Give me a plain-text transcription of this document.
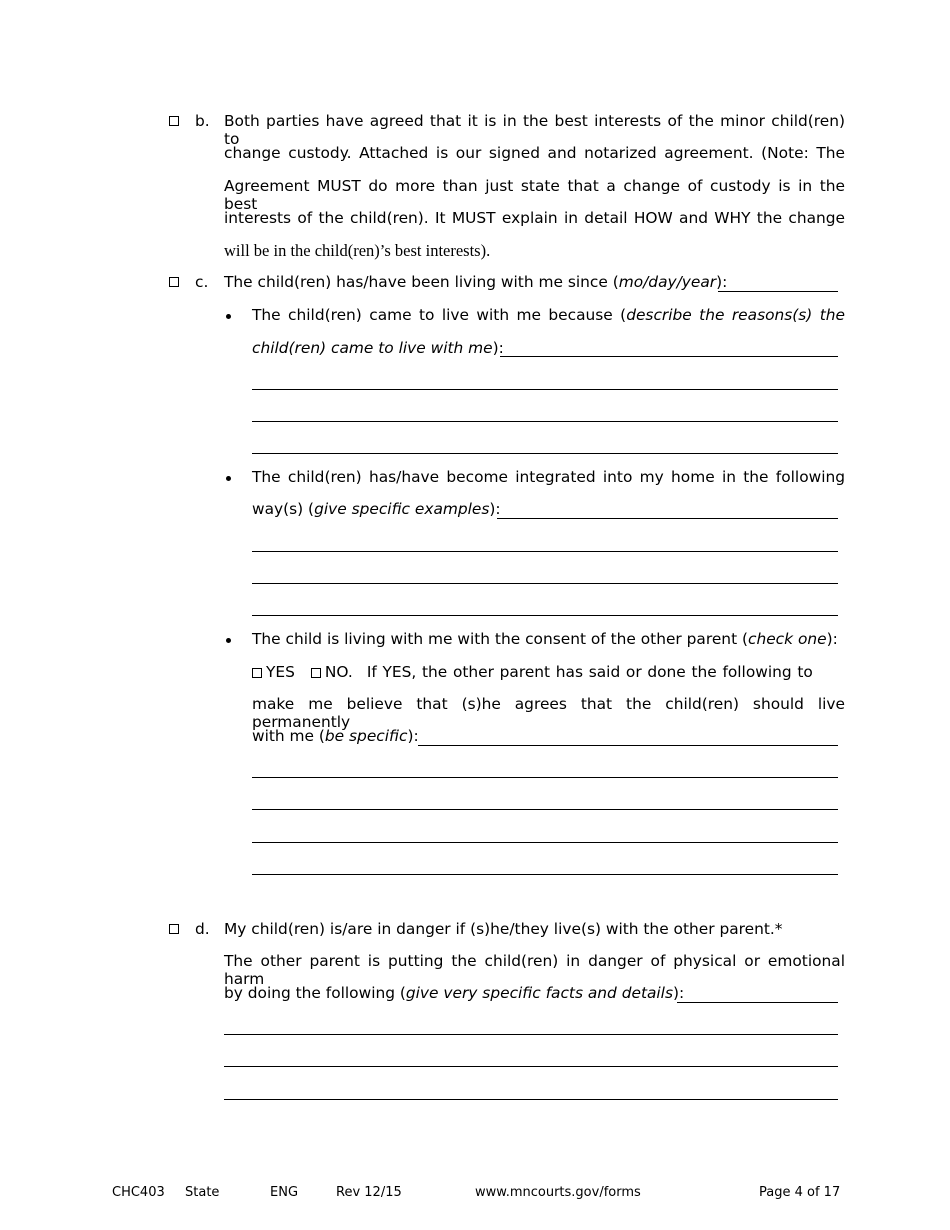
b. Both parties have agreed that it is in the best interests of the minor child(ren) to
change custody. Attached is our signed and notarized agreement. (Note: The
Agreement MUST do more than just state that a change of custody is in the best
interests of the child(ren). It MUST explain in detail HOW and WHY the change
will be in the child(ren)’s best interests).
c. The child(ren) has/have been living with me since (mo/day/year):
The child(ren) came to live with me because (describe the reasons(s) the
child(ren) came to live with me):
The child(ren) has/have become integrated into my home in the following
way(s) (give specific examples):
The child is living with me with the consent of the other parent (check one):
YES NO. If YES, the other parent has said or done the following to
make me believe that (s)he agrees that the child(ren) should live permanently
with me (be specific):
d. My child(ren) is/are in danger if (s)he/they live(s) with the other parent.*
The other parent is putting the child(ren) in danger of physical or emotional harm
by doing the following (give very specific facts and details):
CHC403 State	ENG	Rev 12/15	www.mncourts.gov/forms	Page 4 of 17
